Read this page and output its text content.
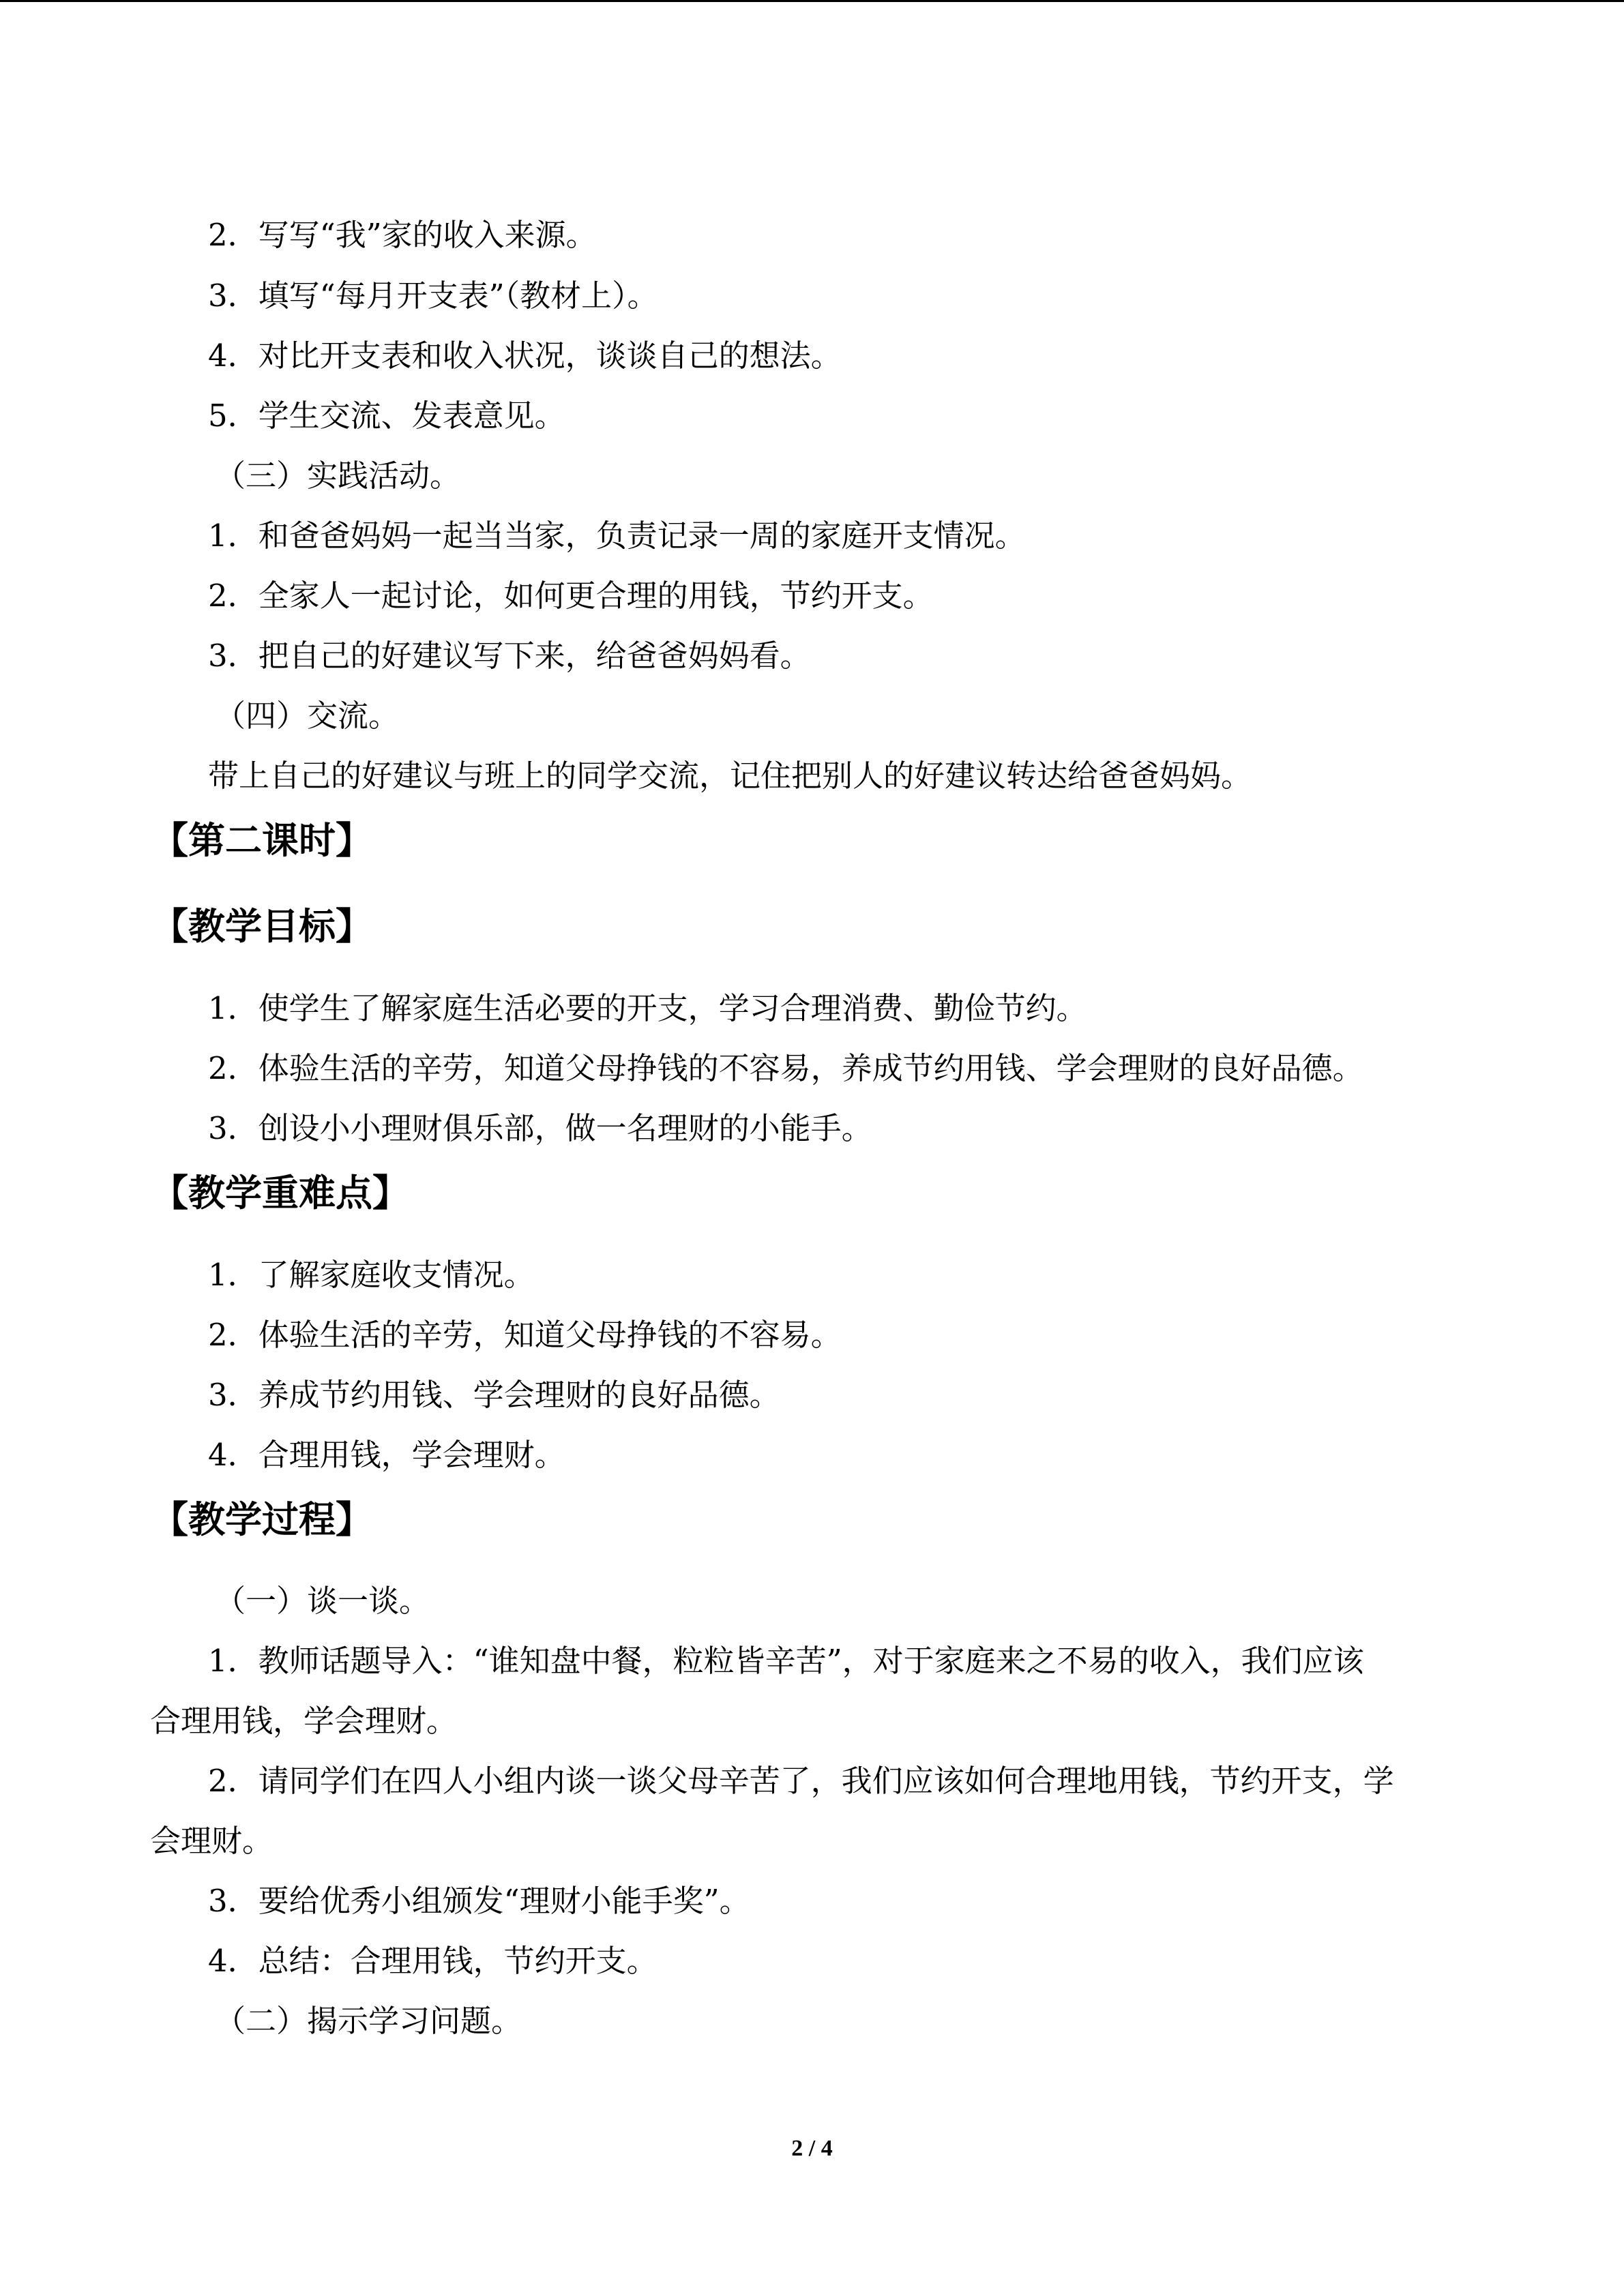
2．写写“我”家的收入来源。
3．填写“每月开支表”（教材上）。
4．对比开支表和收入状况，谈谈自己的想法。
5．学生交流、发表意见。
（三）实践活动。
1．和爸爸妈妈一起当当家，负责记录一周的家庭开支情况。
2．全家人一起讨论，如何更合理的用钱，节约开支。
3．把自己的好建议写下来，给爸爸妈妈看。
（四）交流。
带上自己的好建议与班上的同学交流，记住把别人的好建议转达给爸爸妈妈。
【第二课时】
【教学目标】
1．使学生了解家庭生活必要的开支，学习合理消费、勤俭节约。
2．体验生活的辛劳，知道父母挣钱的不容易，养成节约用钱、学会理财的良好品德。
3．创设小小理财俱乐部，做一名理财的小能手。
【教学重难点】
1．了解家庭收支情况。
2．体验生活的辛劳，知道父母挣钱的不容易。
3．养成节约用钱、学会理财的良好品德。
4．合理用钱，学会理财。
【教学过程】
（一）谈一谈。
1．教师话题导入：“谁知盘中餐，粒粒皆辛苦”，对于家庭来之不易的收入，我们应该
合理用钱，学会理财。
2．请同学们在四人小组内谈一谈父母辛苦了，我们应该如何合理地用钱，节约开支，学
会理财。
3．要给优秀小组颁发“理财小能手奖”。
4．总结：合理用钱，节约开支。
（二）揭示学习问题。
2 / 4
